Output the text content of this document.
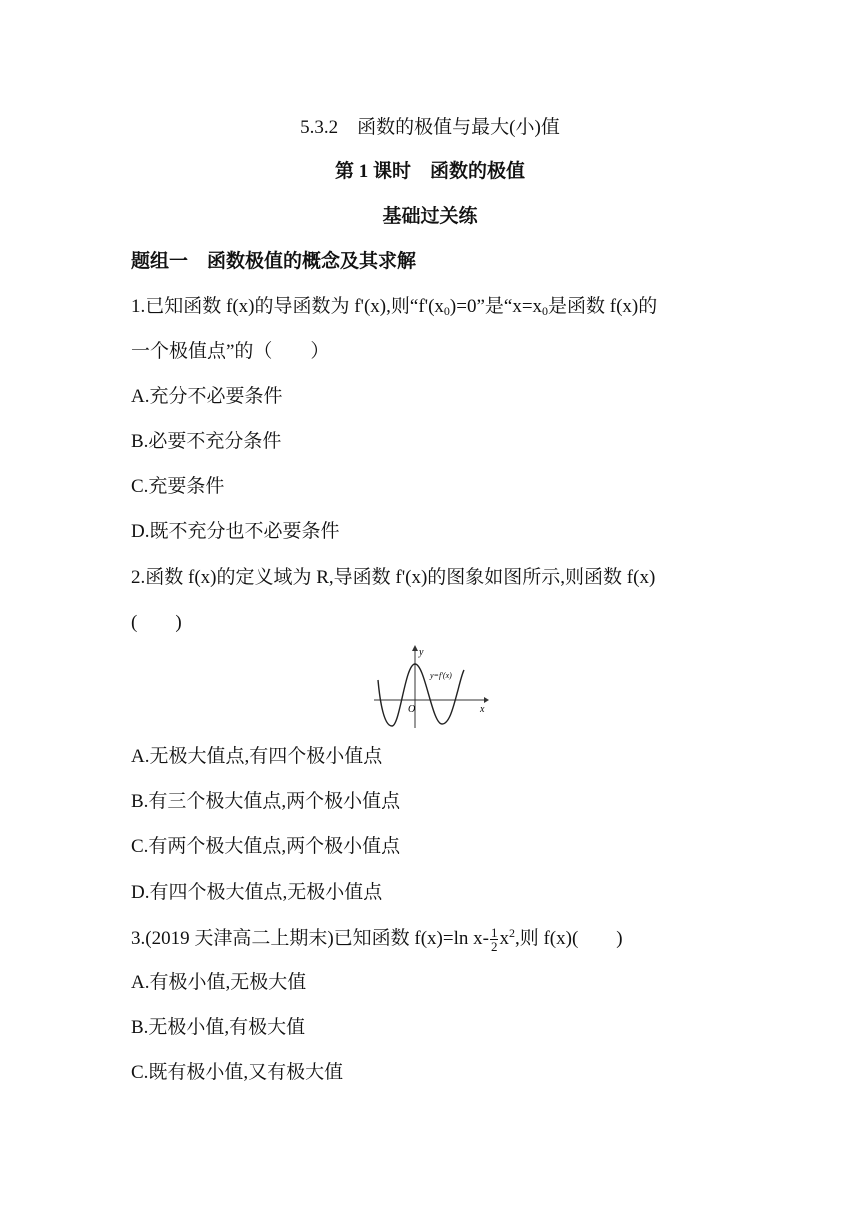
5.3.2　函数的极值与最大(小)值
第 1 课时　函数的极值
基础过关练
题组一　函数极值的概念及其求解
1.已知函数 f(x)的导函数为 f'(x),则“$f'(x_0)=0$”是“$x=x_0$是函数 f(x)的
一个极值点”的（　　）
A.充分不必要条件
B.必要不充分条件
C.充要条件
D.既不充分也不必要条件
2.函数 f(x)的定义域为 R,导函数 f'(x)的图象如图所示,则函数 f(x)
(　　)
y
x
O
y=f′(x)
A.无极大值点,有四个极小值点
B.有三个极大值点,两个极小值点
C.有两个极大值点,两个极小值点
D.有四个极大值点,无极小值点
3.(2019 天津高二上期末)已知函数 f(x)=ln $x- \frac{1}{2} x^2$,则 f(x)(　　)
A.有极小值,无极大值
B.无极小值,有极大值
C.既有极小值,又有极大值
